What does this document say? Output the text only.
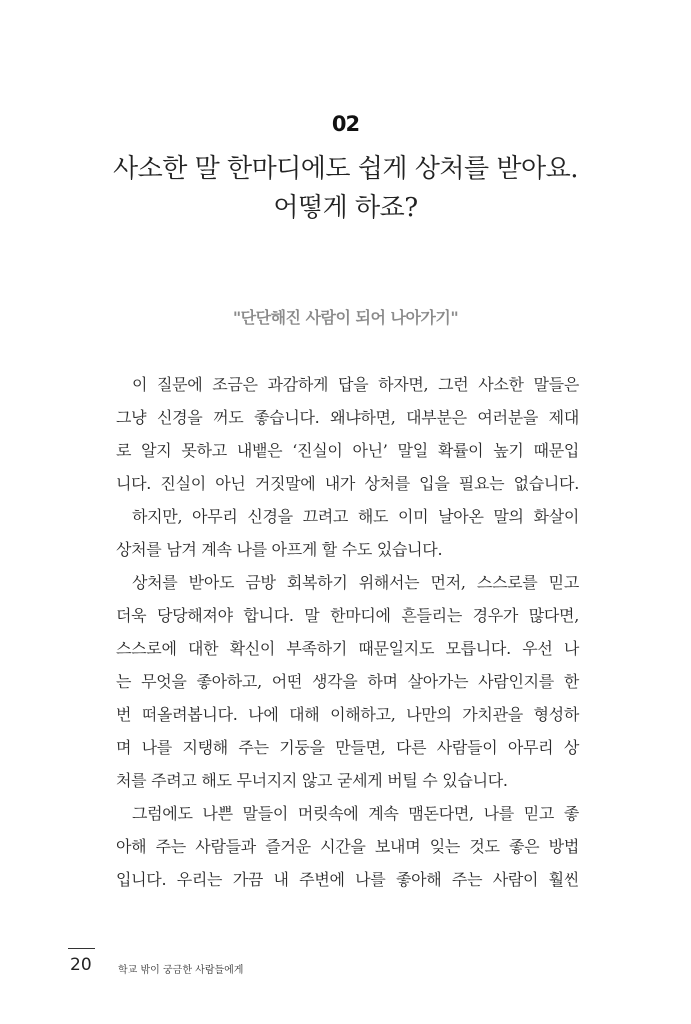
02
사소한 말 한마디에도 쉽게 상처를 받아요.
어떻게 하죠?
"단단해진 사람이 되어 나아가기"
이 질문에 조금은 과감하게 답을 하자면, 그런 사소한 말들은
그냥 신경을 꺼도 좋습니다. 왜냐하면, 대부분은 여러분을 제대
로 알지 못하고 내뱉은 ‘진실이 아닌’ 말일 확률이 높기 때문입
니다. 진실이 아닌 거짓말에 내가 상처를 입을 필요는 없습니다.
하지만, 아무리 신경을 끄려고 해도 이미 날아온 말의 화살이
상처를 남겨 계속 나를 아프게 할 수도 있습니다.
상처를 받아도 금방 회복하기 위해서는 먼저, 스스로를 믿고
더욱 당당해져야 합니다. 말 한마디에 흔들리는 경우가 많다면,
스스로에 대한 확신이 부족하기 때문일지도 모릅니다. 우선 나
는 무엇을 좋아하고, 어떤 생각을 하며 살아가는 사람인지를 한
번 떠올려봅니다. 나에 대해 이해하고, 나만의 가치관을 형성하
며 나를 지탱해 주는 기둥을 만들면, 다른 사람들이 아무리 상
처를 주려고 해도 무너지지 않고 굳세게 버틸 수 있습니다.
그럼에도 나쁜 말들이 머릿속에 계속 맴돈다면, 나를 믿고 좋
아해 주는 사람들과 즐거운 시간을 보내며 잊는 것도 좋은 방법
입니다. 우리는 가끔 내 주변에 나를 좋아해 주는 사람이 훨씬
20	학교 밖이 궁금한 사람들에게
